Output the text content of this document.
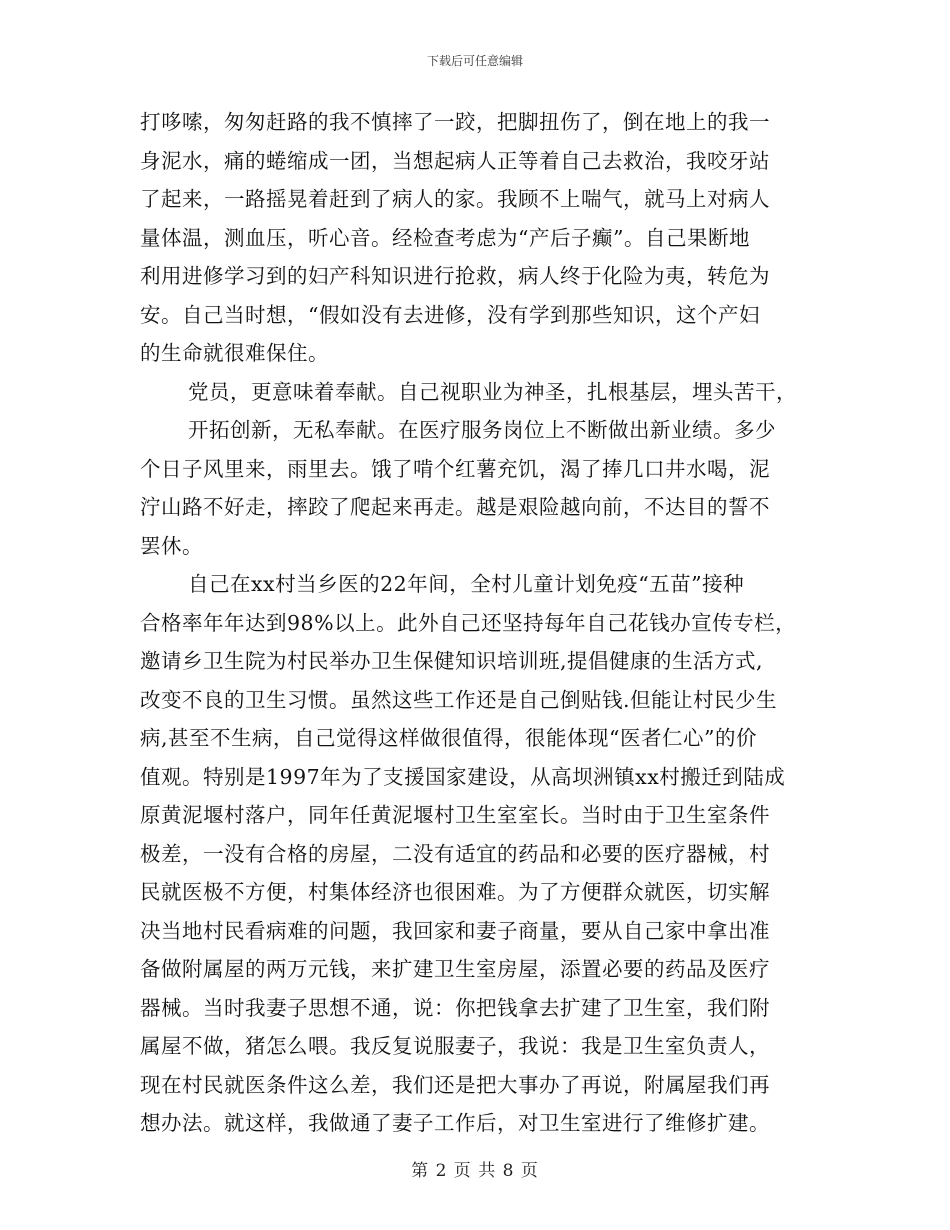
下载后可任意编辑
打哆嗦，匆匆赶路的我不慎摔了一跤，把脚扭伤了，倒在地上的我一
身泥水，痛的蜷缩成一团，当想起病人正等着自己去救治，我咬牙站
了起来，一路摇晃着赶到了病人的家。我顾不上喘气，就马上对病人
量体温，测血压，听心音。经检查考虑为“产后子癫”。自己果断地
利用进修学习到的妇产科知识进行抢救，病人终于化险为夷，转危为
安。自己当时想，“假如没有去进修，没有学到那些知识，这个产妇
的生命就很难保住。
党员，更意味着奉献。自己视职业为神圣，扎根基层，埋头苦干，
开拓创新，无私奉献。在医疗服务岗位上不断做出新业绩。多少
个日子风里来，雨里去。饿了啃个红薯充饥，渴了捧几口井水喝，泥
泞山路不好走，摔跤了爬起来再走。越是艰险越向前，不达目的誓不
罢休。
自己在xx村当乡医的22年间，全村儿童计划免疫“五苗”接种
合格率年年达到98%以上。此外自己还坚持每年自己花钱办宣传专栏，
邀请乡卫生院为村民举办卫生保健知识培训班,提倡健康的生活方式,
改变不良的卫生习惯。虽然这些工作还是自己倒贴钱.但能让村民少生
病,甚至不生病，自己觉得这样做很值得，很能体现“医者仁心”的价
值观。特别是1997年为了支援国家建设，从高坝洲镇xx村搬迁到陆成
原黄泥堰村落户，同年任黄泥堰村卫生室室长。当时由于卫生室条件
极差，一没有合格的房屋，二没有适宜的药品和必要的医疗器械，村
民就医极不方便，村集体经济也很困难。为了方便群众就医，切实解
决当地村民看病难的问题，我回家和妻子商量，要从自己家中拿出准
备做附属屋的两万元钱，来扩建卫生室房屋，添置必要的药品及医疗
器械。当时我妻子思想不通，说：你把钱拿去扩建了卫生室，我们附
属屋不做，猪怎么喂。我反复说服妻子，我说：我是卫生室负责人，
现在村民就医条件这么差，我们还是把大事办了再说，附属屋我们再
想办法。就这样，我做通了妻子工作后，对卫生室进行了维修扩建。
第 2 页 共 8 页
